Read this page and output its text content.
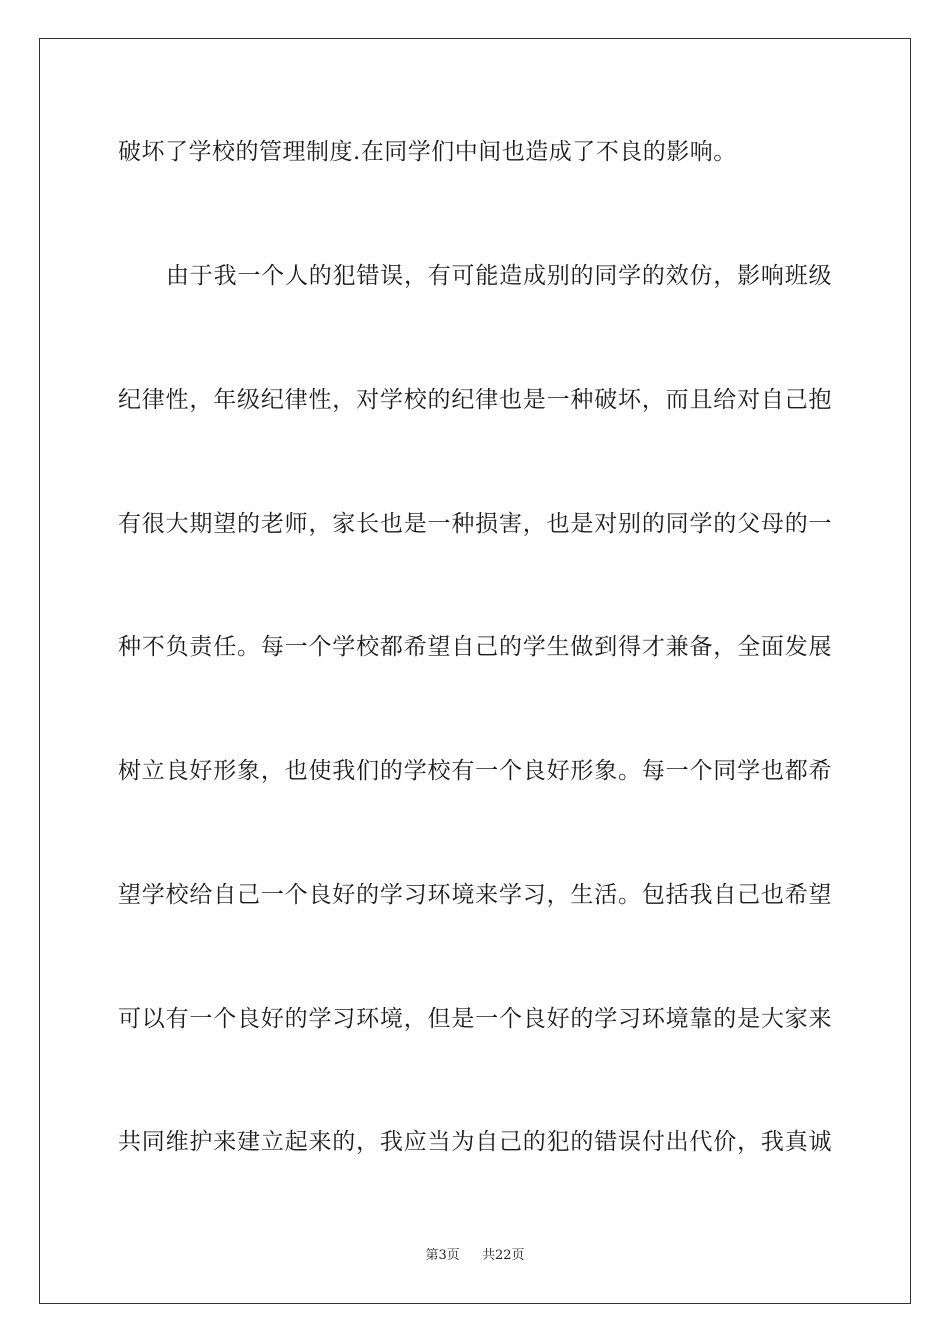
破坏了学校的管理制度.在同学们中间也造成了不良的影响。
由于我一个人的犯错误，有可能造成别的同学的效仿，影响班级
纪律性，年级纪律性，对学校的纪律也是一种破坏，而且给对自己抱
有很大期望的老师，家长也是一种损害，也是对别的同学的父母的一
种不负责任。每一个学校都希望自己的学生做到得才兼备，全面发展
树立良好形象，也使我们的学校有一个良好形象。每一个同学也都希
望学校给自己一个良好的学习环境来学习，生活。包括我自己也希望
可以有一个良好的学习环境，但是一个良好的学习环境靠的是大家来
共同维护来建立起来的，我应当为自己的犯的错误付出代价，我真诚
第3页 共22页
